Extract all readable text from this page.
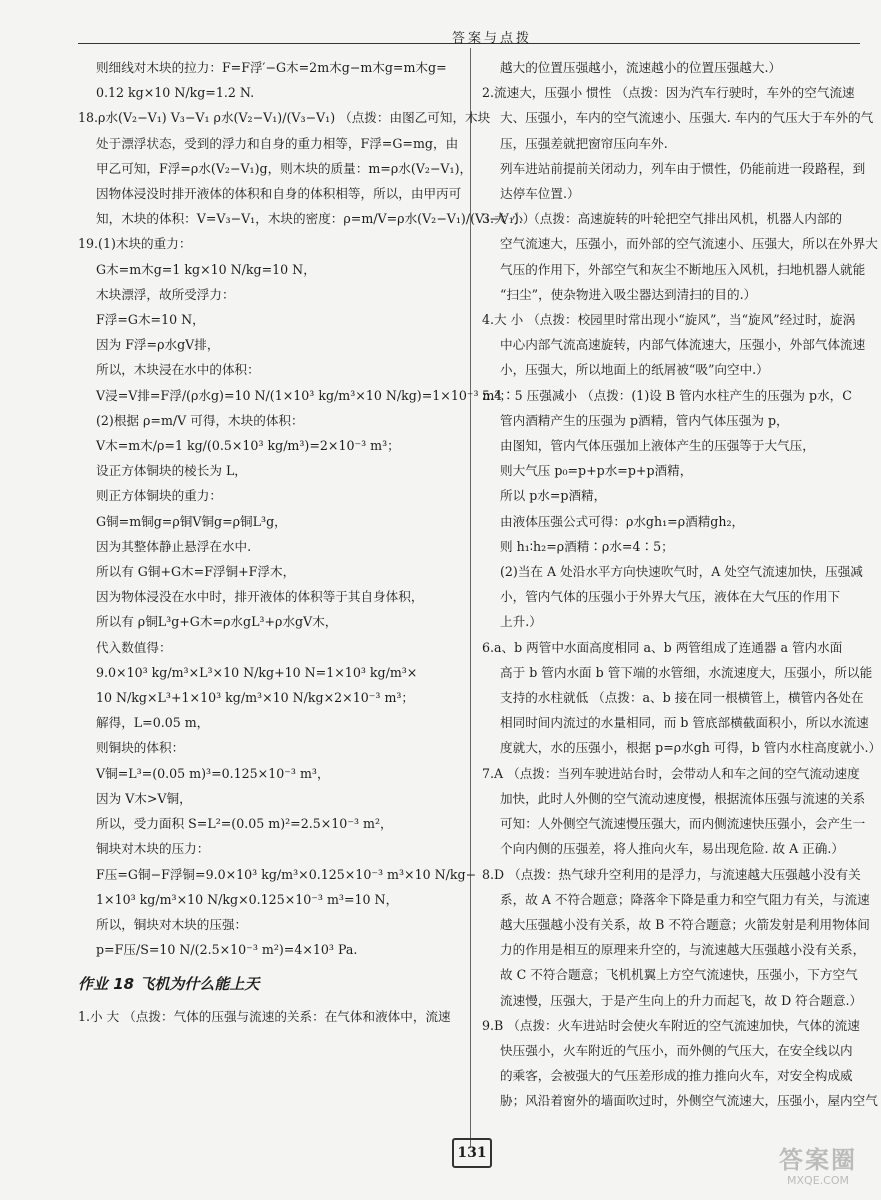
答案与点拨

则细线对木块的拉力：F=F浮′−G木=2m木g−m木g=m木g=

0.12 kg×10 N/kg=1.2 N.

18.ρ水(V₂−V₁) V₃−V₁ ρ水(V₂−V₁)/(V₃−V₁) （点拨：由图乙可知，木块

处于漂浮状态，受到的浮力和自身的重力相等，F浮=G=mg，由

甲乙可知，F浮=ρ水(V₂−V₁)g，则木块的质量：m=ρ水(V₂−V₁)，

因物体浸没时排开液体的体积和自身的体积相等，所以，由甲丙可

知，木块的体积：V=V₃−V₁，木块的密度：ρ=m/V=ρ水(V₂−V₁)/(V₃−V₁).）

19.(1)木块的重力：

G木=m木g=1 kg×10 N/kg=10 N，

木块漂浮，故所受浮力：

F浮=G木=10 N，

因为 F浮=ρ水gV排，

所以，木块浸在水中的体积：

V浸=V排=F浮/(ρ水g)=10 N/(1×10³ kg/m³×10 N/kg)=1×10⁻³ m³；

(2)根据 ρ=m/V 可得，木块的体积：

V木=m木/ρ=1 kg/(0.5×10³ kg/m³)=2×10⁻³ m³；

设正方体铜块的棱长为 L，

则正方体铜块的重力：

G铜=m铜g=ρ铜V铜g=ρ铜L³g，

因为其整体静止悬浮在水中.

所以有 G铜+G木=F浮铜+F浮木，

因为物体浸没在水中时，排开液体的体积等于其自身体积，

所以有 ρ铜L³g+G木=ρ水gL³+ρ水gV木，

代入数值得：

9.0×10³ kg/m³×L³×10 N/kg+10 N=1×10³ kg/m³×

10 N/kg×L³+1×10³ kg/m³×10 N/kg×2×10⁻³ m³；

解得，L=0.05 m，

则铜块的体积：

V铜=L³=(0.05 m)³=0.125×10⁻³ m³，

因为 V木>V铜，

所以，受力面积 S=L²=(0.05 m)²=2.5×10⁻³ m²，

铜块对木块的压力：

F压=G铜−F浮铜=9.0×10³ kg/m³×0.125×10⁻³ m³×10 N/kg−

1×10³ kg/m³×10 N/kg×0.125×10⁻³ m³=10 N，

所以，铜块对木块的压强：

p=F压/S=10 N/(2.5×10⁻³ m²)=4×10³ Pa.

作业 18 飞机为什么能上天

1.小 大 （点拨：气体的压强与流速的关系：在气体和液体中，流速

越大的位置压强越小，流速越小的位置压强越大.）

2.流速大，压强小 惯性 （点拨：因为汽车行驶时，车外的空气流速

大、压强小，车内的空气流速小、压强大. 车内的气压大于车外的气

压，压强差就把窗帘压向车外.

列车进站前提前关闭动力，列车由于惯性，仍能前进一段路程，到

达停车位置.）

3.大 小 （点拨：高速旋转的叶轮把空气排出风机，机器人内部的

空气流速大，压强小，而外部的空气流速小、压强大，所以在外界大

气压的作用下，外部空气和灰尘不断地压入风机，扫地机器人就能

“扫尘”，使杂物进入吸尘器达到清扫的目的.）

4.大 小 （点拨：校园里时常出现小“旋风”，当“旋风”经过时，旋涡

中心内部气流高速旋转，内部气体流速大，压强小，外部气体流速

小，压强大，所以地面上的纸屑被“吸”向空中.）

5.4∶5 压强减小 （点拨：(1)设 B 管内水柱产生的压强为 p水，C

管内酒精产生的压强为 p酒精，管内气体压强为 p，

由图知，管内气体压强加上液体产生的压强等于大气压，

则大气压 p₀=p+p水=p+p酒精，

所以 p水=p酒精，

由液体压强公式可得：ρ水gh₁=ρ酒精gh₂，

则 h₁∶h₂=ρ酒精∶ρ水=4∶5；

(2)当在 A 处沿水平方向快速吹气时，A 处空气流速加快，压强减

小，管内气体的压强小于外界大气压，液体在大气压的作用下

上升.）

6.a、b 两管中水面高度相同 a、b 两管组成了连通器 a 管内水面

高于 b 管内水面 b 管下端的水管细，水流速度大，压强小，所以能

支持的水柱就低 （点拨：a、b 接在同一根横管上，横管内各处在

相同时间内流过的水量相同，而 b 管底部横截面积小，所以水流速

度就大，水的压强小，根据 p=ρ水gh 可得，b 管内水柱高度就小.）

7.A （点拨：当列车驶进站台时，会带动人和车之间的空气流动速度

加快，此时人外侧的空气流动速度慢，根据流体压强与流速的关系

可知：人外侧空气流速慢压强大，而内侧流速快压强小，会产生一

个向内侧的压强差，将人推向火车，易出现危险. 故 A 正确.）

8.D （点拨：热气球升空利用的是浮力，与流速越大压强越小没有关

系，故 A 不符合题意；降落伞下降是重力和空气阻力有关，与流速

越大压强越小没有关系，故 B 不符合题意；火箭发射是利用物体间

力的作用是相互的原理来升空的，与流速越大压强越小没有关系，

故 C 不符合题意；飞机机翼上方空气流速快，压强小，下方空气

流速慢，压强大，于是产生向上的升力而起飞，故 D 符合题意.）

9.B （点拨：火车进站时会使火车附近的空气流速加快，气体的流速

快压强小，火车附近的气压小，而外侧的气压大，在安全线以内

的乘客，会被强大的气压差形成的推力推向火车，对安全构成威

胁；风沿着窗外的墙面吹过时，外侧空气流速大，压强小，屋内空气

131	答案圈
MXQE.COM
